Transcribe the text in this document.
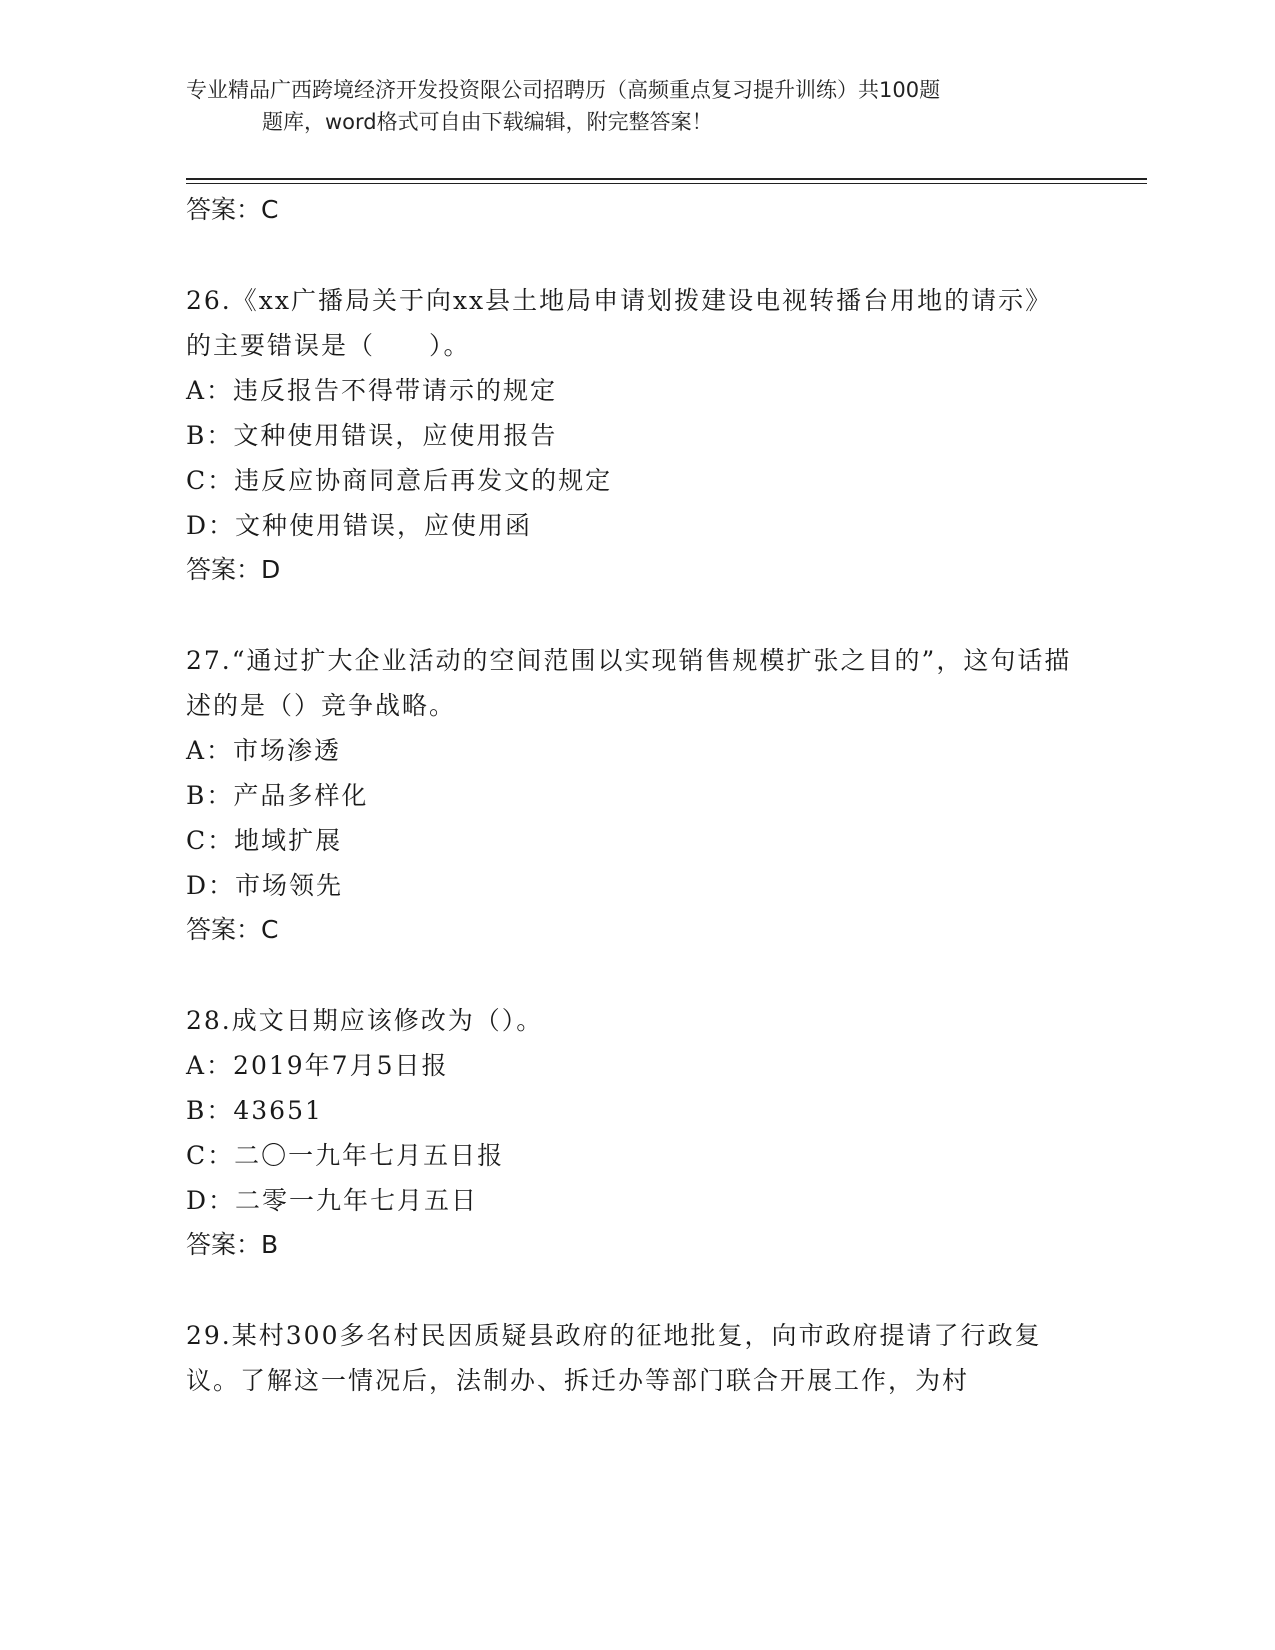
专业精品广西跨境经济开发投资限公司招聘历（高频重点复习提升训练）共100题
题库，word格式可自由下载编辑，附完整答案！
答案：C
26.《xx广播局关于向xx县土地局申请划拨建设电视转播台用地的请示》的主要错误是（　　）。
A：违反报告不得带请示的规定
B：文种使用错误，应使用报告
C：违反应协商同意后再发文的规定
D：文种使用错误，应使用函
答案：D
27.“通过扩大企业活动的空间范围以实现销售规模扩张之目的”，这句话描述的是（）竞争战略。
A：市场渗透
B：产品多样化
C：地域扩展
D：市场领先
答案：C
28.成文日期应该修改为（）。
A：2019年7月5日报
B：43651
C：二〇一九年七月五日报
D：二零一九年七月五日
答案：B
29.某村300多名村民因质疑县政府的征地批复，向市政府提请了行政复议。了解这一情况后，法制办、拆迁办等部门联合开展工作，为村
